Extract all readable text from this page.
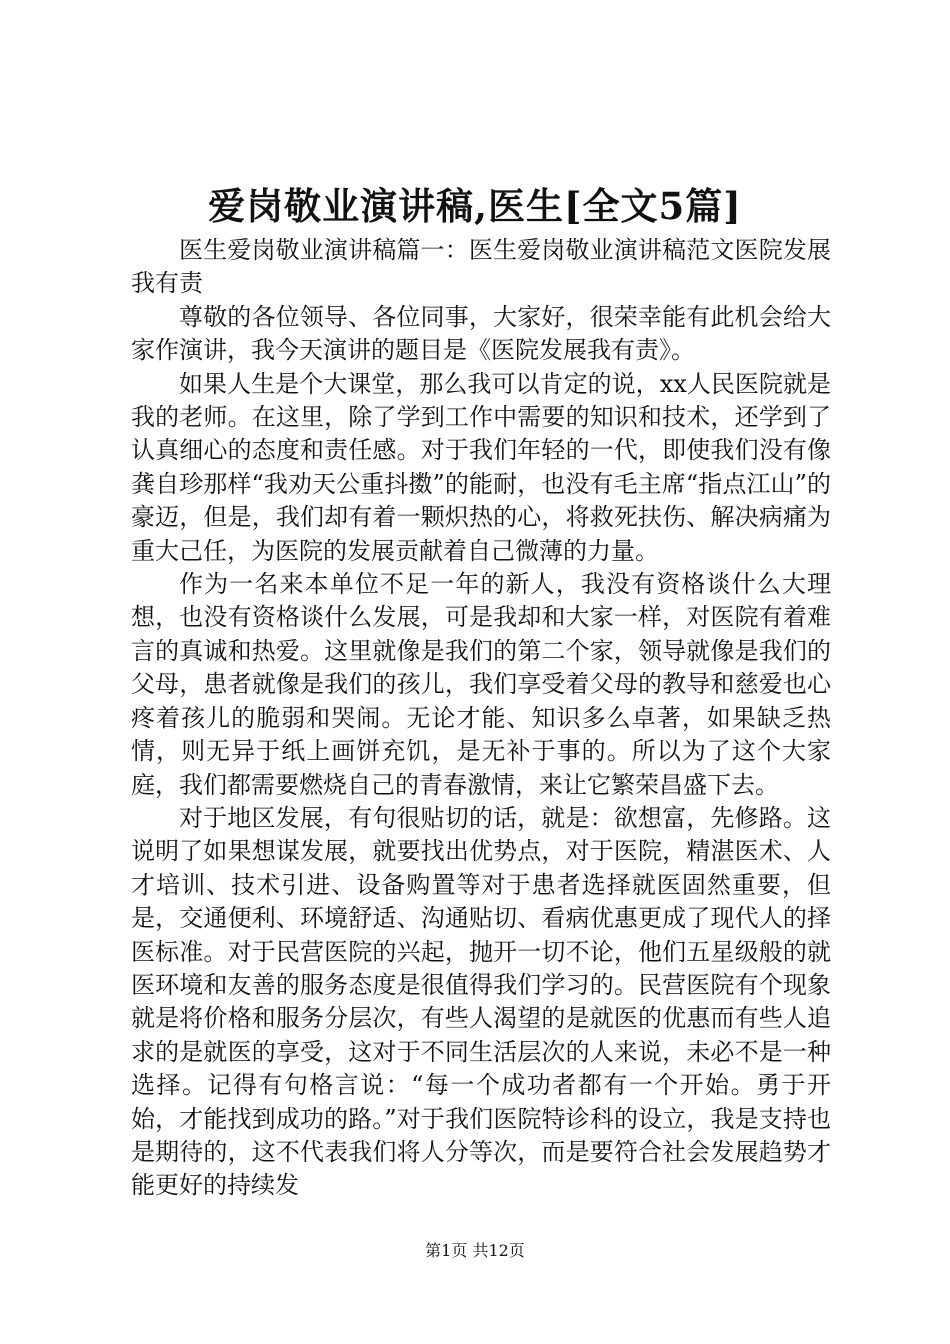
爱岗敬业演讲稿,医生[全文5篇]

医生爱岗敬业演讲稿篇一：医生爱岗敬业演讲稿范文医院发展我有责

尊敬的各位领导、各位同事，大家好，很荣幸能有此机会给大家作演讲，我今天演讲的题目是《医院发展我有责》。

如果人生是个大课堂，那么我可以肯定的说，xx人民医院就是我的老师。在这里，除了学到工作中需要的知识和技术，还学到了认真细心的态度和责任感。对于我们年轻的一代，即使我们没有像龚自珍那样“我劝天公重抖擞”的能耐，也没有毛主席“指点江山”的豪迈，但是，我们却有着一颗炽热的心，将救死扶伤、解决病痛为重大己任，为医院的发展贡献着自己微薄的力量。

作为一名来本单位不足一年的新人，我没有资格谈什么大理想，也没有资格谈什么发展，可是我却和大家一样，对医院有着难言的真诚和热爱。这里就像是我们的第二个家，领导就像是我们的父母，患者就像是我们的孩儿，我们享受着父母的教导和慈爱也心疼着孩儿的脆弱和哭闹。无论才能、知识多么卓著，如果缺乏热情，则无异于纸上画饼充饥，是无补于事的。所以为了这个大家庭，我们都需要燃烧自己的青春激情，来让它繁荣昌盛下去。

对于地区发展，有句很贴切的话，就是：欲想富，先修路。这说明了如果想谋发展，就要找出优势点，对于医院，精湛医术、人才培训、技术引进、设备购置等对于患者选择就医固然重要，但是，交通便利、环境舒适、沟通贴切、看病优惠更成了现代人的择医标准。对于民营医院的兴起，抛开一切不论，他们五星级般的就医环境和友善的服务态度是很值得我们学习的。民营医院有个现象就是将价格和服务分层次，有些人渴望的是就医的优惠而有些人追求的是就医的享受，这对于不同生活层次的人来说，未必不是一种选择。记得有句格言说：“每一个成功者都有一个开始。勇于开始，才能找到成功的路。”对于我们医院特诊科的设立，我是支持也是期待的，这不代表我们将人分等次，而是要符合社会发展趋势才能更好的持续发

第1页 共12页
